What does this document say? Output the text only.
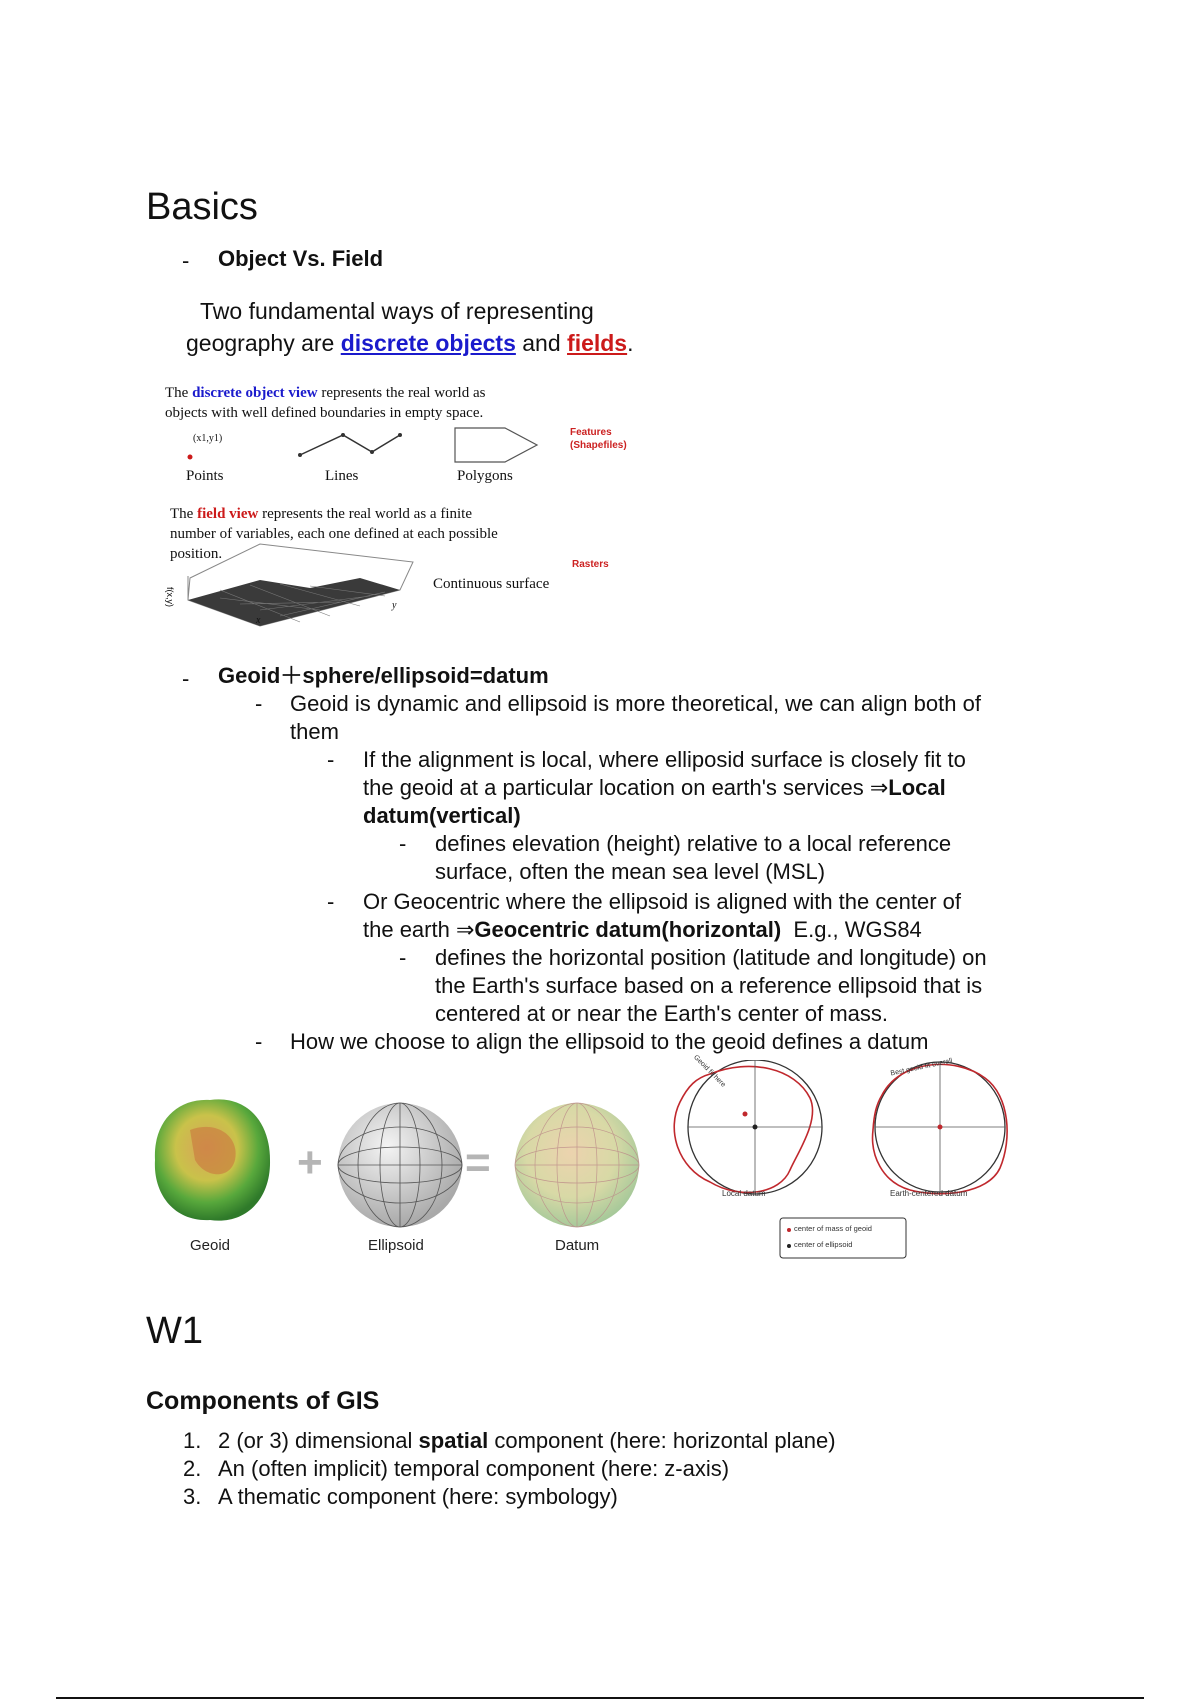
Basics
- Object Vs. Field
Two fundamental ways of representing
geography are discrete objects and fields.
The discrete object view represents the real world as
objects with well defined boundaries in empty space.
(x1,y1)
Points	Lines	Polygons
Features
(Shapefiles)
The field view represents the real world as a finite
number of variables, each one defined at each possible
position.
Rasters
Continuous surface
f(x,y)
x
y
- Geoid＋sphere/ellipsoid=datum
- Geoid is dynamic and ellipsoid is more theoretical, we can align both of
them
- If the alignment is local, where elliposid surface is closely fit to
the geoid at a particular location on earth's services ⇒Local
datum(vertical)
- defines elevation (height) relative to a local reference
surface, often the mean sea level (MSL)
- Or Geocentric where the ellipsoid is aligned with the center of
the earth ⇒Geocentric datum(horizontal)  E.g., WGS84
- defines the horizontal position (latitude and longitude) on
the Earth's surface based on a reference ellipsoid that is
centered at or near the Earth's center of mass.
- How we choose to align the ellipsoid to the geoid defines a datum
+	=
Geoid	Ellipsoid	Datum
Geoid fit here	Best geoid fit overall
Local datum	Earth-centered datum
center of mass of geoid
center of ellipsoid
W1
Components of GIS
1. 2 (or 3) dimensional spatial component (here: horizontal plane)
2. An (often implicit) temporal component (here: z-axis)
3. A thematic component (here: symbology)
